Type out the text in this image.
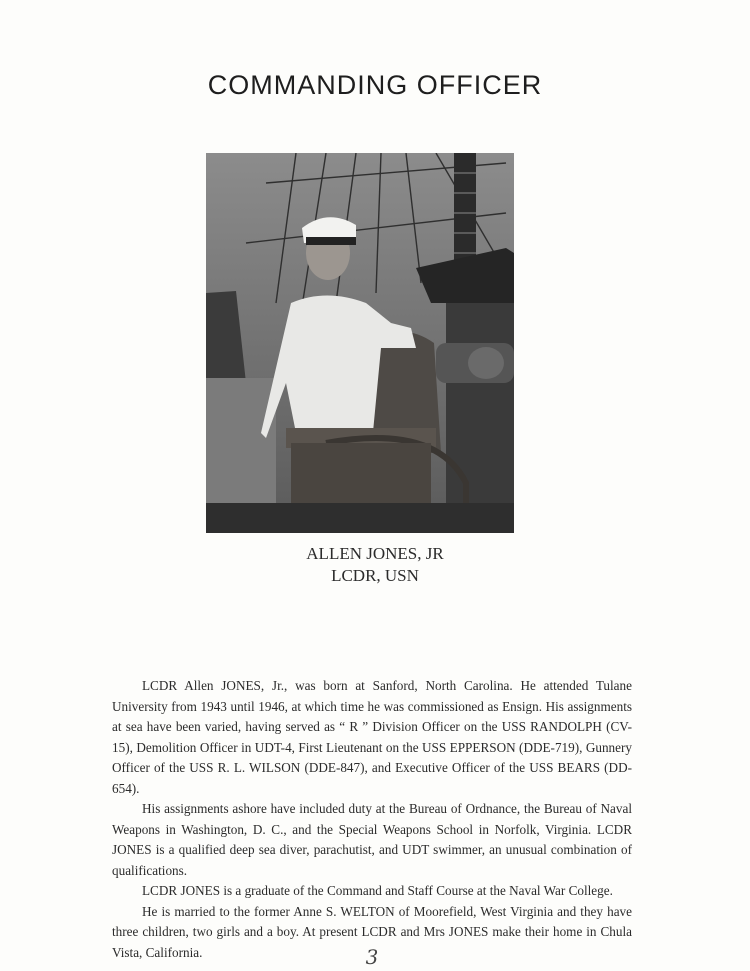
COMMANDING OFFICER
ALLEN JONES, JR
LCDR, USN

LCDR Allen JONES, Jr., was born at Sanford, North Carolina. He attended Tulane University from 1943 until 1946, at which time he was commissioned as Ensign. His assignments at sea have been varied, having served as “ R ” Division Officer on the USS RANDOLPH (CV-15), Demolition Officer in UDT-4, First Lieutenant on the USS EPPERSON (DDE-719), Gunnery Officer of the USS R. L. WILSON (DDE-847), and Executive Officer of the USS BEARS (DD-654).

His assignments ashore have included duty at the Bureau of Ordnance, the Bureau of Naval Weapons in Washington, D. C., and the Special Weapons School in Norfolk, Virginia. LCDR JONES is a qualified deep sea diver, parachutist, and UDT swimmer, an unusual combination of qualifications.

LCDR JONES is a graduate of the Command and Staff Course at the Naval War College.

He is married to the former Anne S. WELTON of Moorefield, West Virginia and they have three children, two girls and a boy. At present LCDR and Mrs JONES make their home in Chula Vista, California.	3
